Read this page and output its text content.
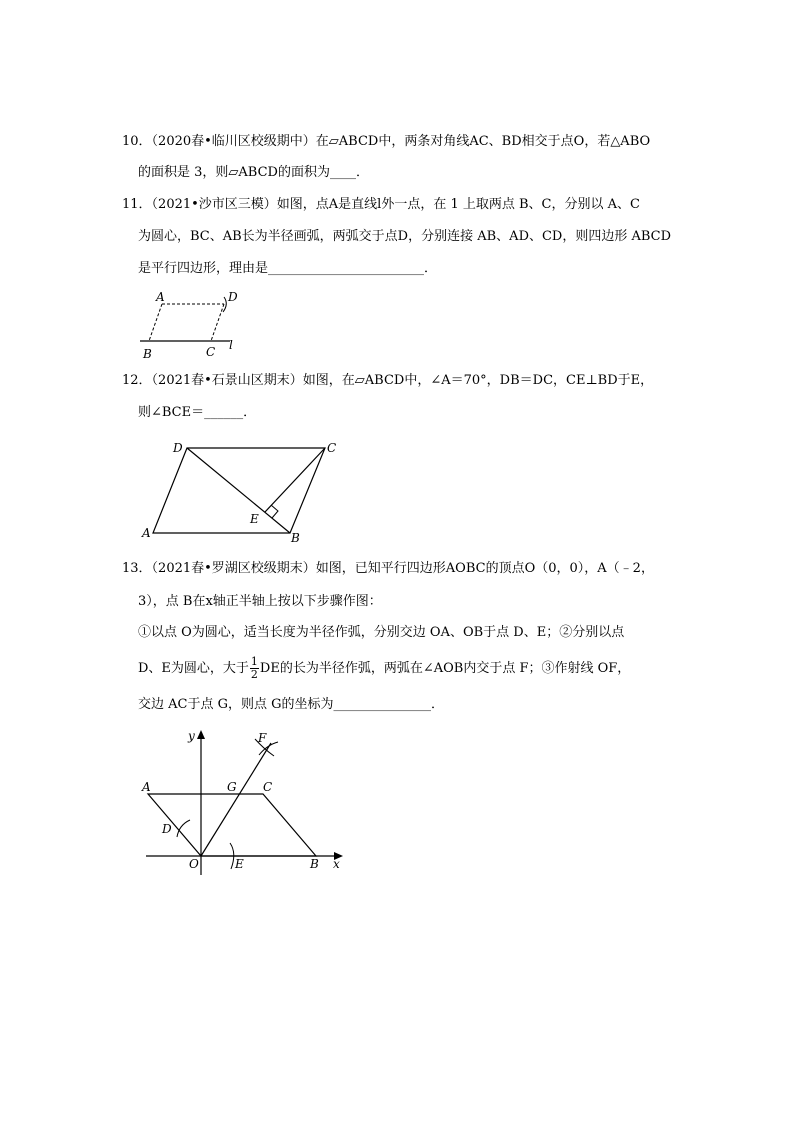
10．（2020春•临川区校级期中）在▱ABCD中，两条对角线AC、BD相交于点O，若△ABO
的面积是 3，则▱ABCD的面积为____．
11．（2021•沙市区三模）如图，点A是直线l外一点，在 1 上取两点 B、C，分别以 A、C
为圆心，BC、AB长为半径画弧，两弧交于点D，分别连接 AB、AD、CD，则四边形 ABCD
是平行四边形，理由是________________________．
A	D
B	C l
12．（2021春•石景山区期末）如图，在▱ABCD中，∠A＝70°，DB＝DC，CE⊥BD于E，
则∠BCE＝______．
D	C
A
E
B
13．（2021春•罗湖区校级期末）如图，已知平行四边形AOBC的顶点O（0，0），A（﹣2，
3），点 B在x轴正半轴上按以下步骤作图：
①以点 O为圆心，适当长度为半径作弧，分别交边 OA、OB于点 D、E；②分别以点
D、E为圆心，大于 $\frac{1}{2}$ DE的长为半径作弧，两弧在∠AOB内交于点 F；③作射线 OF，
交边 AC于点 G，则点 G的坐标为_______________．
y
x
F
A	G C
D
O	E	B
